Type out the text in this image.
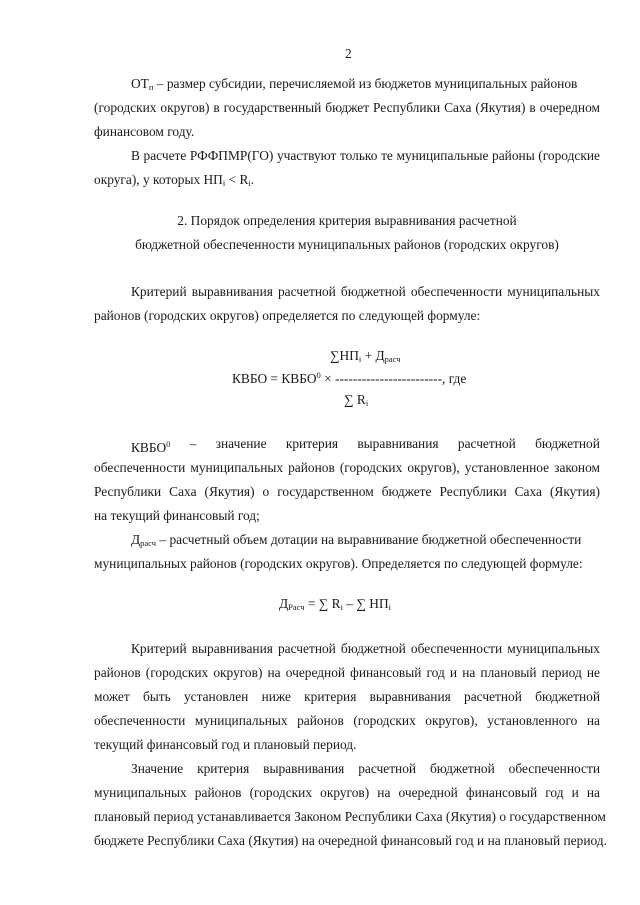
2
$ОТ_п$ – размер субсидии, перечисляемой из бюджетов муниципальных районов
(городских округов) в государственный бюджет Республики Саха (Якутия) в очередном
финансовом году.
В расчете РФФПМР(ГО) участвуют только те муниципальные районы (городские
округа), у которых $НП_i < R_i$.
2. Порядок определения критерия выравнивания расчетной
бюджетной обеспеченности муниципальных районов (городских округов)
Критерий выравнивания расчетной бюджетной обеспеченности муниципальных
районов (городских округов) определяется по следующей формуле:
$\sum НП_i + Д_{расч}$
КВБО = $КВБО^0$ × ------------------------, где
∑ $R_i$
КВБО$^0$ – значение критерия выравнивания расчетной бюджетной
обеспеченности муниципальных районов (городских округов), установленное законом
Республики Саха (Якутия) о государственном бюджете Республики Саха (Якутия)
на текущий финансовый год;
$Д_{расч}$ – расчетный объем дотации на выравнивание бюджетной обеспеченности
муниципальных районов (городских округов). Определяется по следующей формуле:
$Д_{Расч}$ = ∑ $R_i$ – ∑ $НП_i$
Критерий выравнивания расчетной бюджетной обеспеченности муниципальных
районов (городских округов) на очередной финансовый год и на плановый период не
может быть установлен ниже критерия выравнивания расчетной бюджетной
обеспеченности муниципальных районов (городских округов), установленного на
текущий финансовый год и плановый период.
Значение критерия выравнивания расчетной бюджетной обеспеченности
муниципальных районов (городских округов) на очередной финансовый год и на
плановый период устанавливается Законом Республики Саха (Якутия) о государственном
бюджете Республики Саха (Якутия) на очередной финансовый год и на плановый период.
